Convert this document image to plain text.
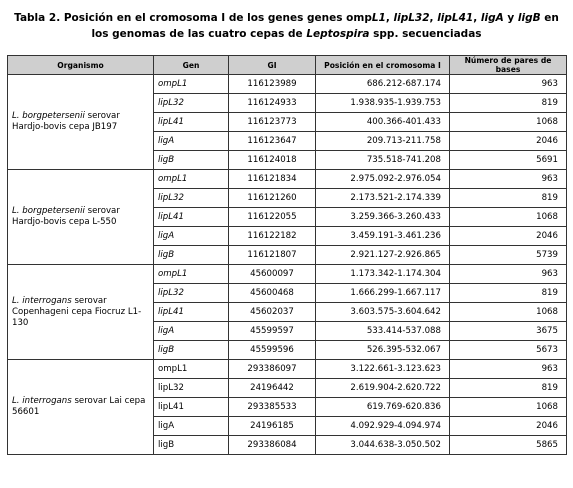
Tabla 2. Posición en el cromosoma I de los genes genes ompL1, lipL32, lipL41, ligA y ligB en
los genomas de las cuatro cepas de Leptospira spp. secuenciadas
Organismo	Gen	GI	Posición en el cromosoma I	Número de pares de bases
L. borgpetersenii serovar Hardjo-bovis cepa JB197	ompL1	116123989	686.212-687.174	963
	lipL32	116124933	1.938.935-1.939.753	819
	lipL41	116123773	400.366-401.433	1068
	ligA	116123647	209.713-211.758	2046
	ligB	116124018	735.518-741.208	5691
L. borgpetersenii serovar Hardjo-bovis cepa L-550	ompL1	116121834	2.975.092-2.976.054	963
	lipL32	116121260	2.173.521-2.174.339	819
	lipL41	116122055	3.259.366-3.260.433	1068
	ligA	116122182	3.459.191-3.461.236	2046
	ligB	116121807	2.921.127-2.926.865	5739
L. interrogans serovar Copenhageni cepa Fiocruz L1-130	ompL1	45600097	1.173.342-1.174.304	963
	lipL32	45600468	1.666.299-1.667.117	819
	lipL41	45602037	3.603.575-3.604.642	1068
	ligA	45599597	533.414-537.088	3675
	ligB	45599596	526.395-532.067	5673
L. interrogans serovar Lai cepa 56601	ompL1	293386097	3.122.661-3.123.623	963
	lipL32	24196442	2.619.904-2.620.722	819
	lipL41	293385533	619.769-620.836	1068
	ligA	24196185	4.092.929-4.094.974	2046
	ligB	293386084	3.044.638-3.050.502	5865
